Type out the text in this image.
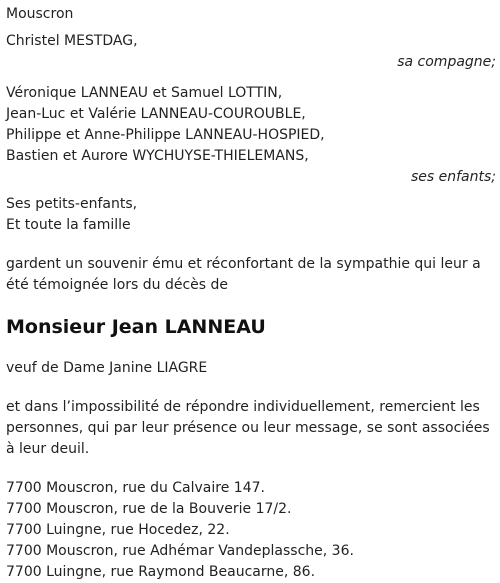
Mouscron
Christel MESTDAG,
sa compagne;
Véronique LANNEAU et Samuel LOTTIN,
Jean-Luc et Valérie LANNEAU-COUROUBLE,
Philippe et Anne-Philippe LANNEAU-HOSPIED,
Bastien et Aurore WYCHUYSE-THIELEMANS,
ses enfants;
Ses petits-enfants,
Et toute la famille
gardent un souvenir ému et réconfortant de la sympathie qui leur a été témoignée lors du décès de
Monsieur Jean LANNEAU
veuf de Dame Janine LIAGRE
et dans l’impossibilité de répondre individuellement, remercient les personnes, qui par leur présence ou leur message, se sont associées à leur deuil.
7700 Mouscron, rue du Calvaire 147.
7700 Mouscron, rue de la Bouverie 17/2.
7700 Luingne, rue Hocedez, 22.
7700 Mouscron, rue Adhémar Vandeplassche, 36.
7700 Luingne, rue Raymond Beaucarne, 86.
